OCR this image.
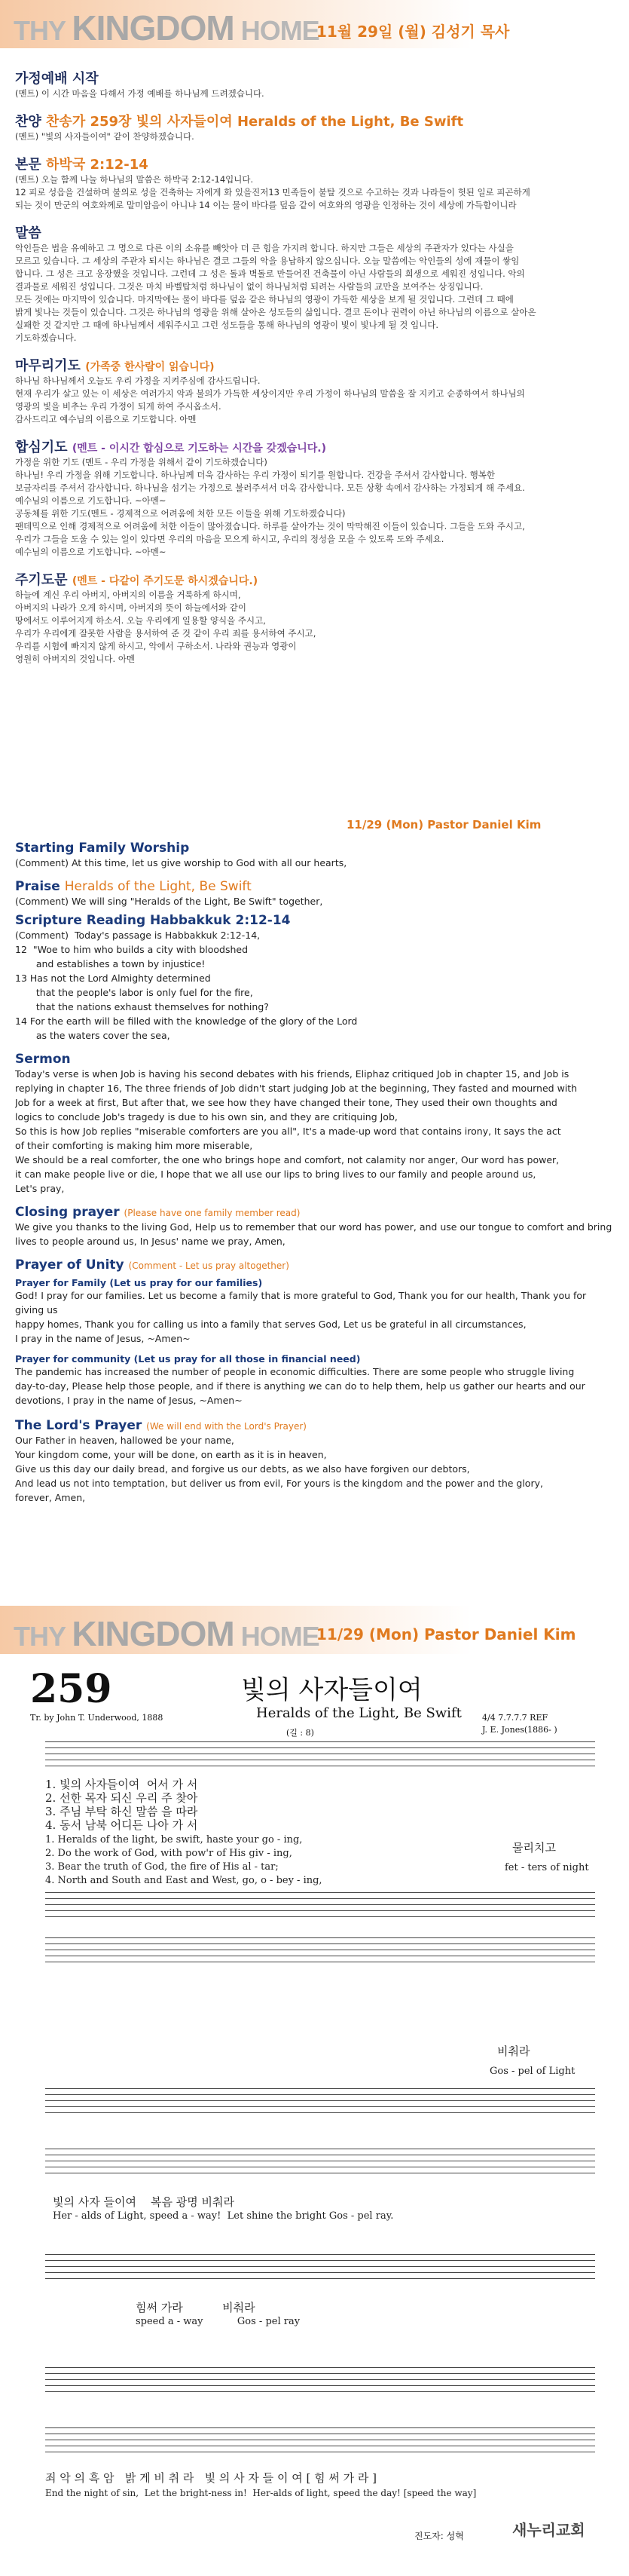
THY KINGDOM HOME
11월 29일 (월) 김성기 목사

가정예배 시작

(멘트) 이 시간 마음을 다해서 가정 예배를 하나님께 드려겠습니다.

찬양 찬송가 259장 빛의 사자들이여 Heralds of the Light, Be Swift

(멘트) "빛의 사자들이여" 같이 찬양하겠습니다.

본문 하박국 2:12-14

(멘트) 오늘 함께 나눌 하나님의 말씀은 하박국 2:12-14입니다.

12 피로 성읍을 건설하며 불의로 성을 건축하는 자에게 화 있을진저13 민족들이 불탈 것으로 수고하는 것과 나라들이 헛된 일로 피곤하게

되는 것이 만군의 여호와께로 말미암음이 아니냐 14 이는 물이 바다를 덮음 같이 여호와의 영광을 인정하는 것이 세상에 가득함이니라

말씀

악인들은 법을 유예하고 그 명으로 다른 이의 소유를 빼앗아 더 큰 힘을 가지려 합니다. 하지만 그들은 세상의 주관자가 있다는 사실을

모르고 있습니다. 그 세상의 주관자 되시는 하나님은 결코 그들의 악을 용납하지 않으십니다. 오늘 말씀에는 악인들의 성에 재물이 쌓임

합니다. 그 성은 크고 웅장했을 것입니다. 그런데 그 성은 돌과 벽돌로 만들어진 건축물이 아닌 사람들의 희생으로 세워진 성입니다. 악의

결과물로 세워진 성입니다. 그것은 마치 바벨탑처럼 하나님이 없이 하나님처럼 되려는 사람들의 교만을 보여주는 상징입니다.

모든 것에는 마지막이 있습니다. 마지막에는 물이 바다를 덮음 같은 하나님의 영광이 가득한 세상을 보게 될 것입니다. 그런데 그 때에

밝게 빛나는 것들이 있습니다. 그것은 하나님의 영광을 위해 살아온 성도들의 삶입니다. 결코 돈이나 권력이 아닌 하나님의 이름으로 살아온

실패한 것 같지만 그 때에 하나님께서 세워주시고 그런 성도들을 통해 하나님의 영광이 빛이 빛나게 될 것 입니다.

기도하겠습니다.

마무리기도 (가족중 한사람이 읽습니다)

하나님 하나님께서 오늘도 우리 가정을 지켜주심에 감사드립니다.

현재 우리가 살고 있는 이 세상은 여러가지 악과 불의가 가득한 세상이지만 우리 가정이 하나님의 말씀을 잘 지키고 순종하여서 하나님의

영광의 빛을 비추는 우리 가정이 되게 하여 주시옵소서.

감사드리고 예수님의 이름으로 기도합니다. 아멘

합심기도 (멘트 - 이시간 합심으로 기도하는 시간을 갖겠습니다.)

가정을 위한 기도 (멘트 - 우리 가정을 위해서 같이 기도하겠습니다)

하나님! 우리 가정을 위해 기도합니다. 하나님께 더욱 감사하는 우리 가정이 되기를 원합니다. 건강을 주셔서 감사합니다. 행복한

보금자리를 주셔서 감사합니다. 하나님을 섬기는 가정으로 불러주셔서 더욱 감사합니다. 모든 상황 속에서 감사하는 가정되게 해 주세요.

예수님의 이름으로 기도합니다. ~아멘~

공동체를 위한 기도(멘트 - 경제적으로 어려움에 처한 모든 이들을 위해 기도하겠습니다)

팬데믹으로 인해 경제적으로 어려움에 처한 이들이 많아졌습니다. 하루를 살아가는 것이 막막해진 이들이 있습니다. 그들을 도와 주시고,

우리가 그들을 도울 수 있는 일이 있다면 우리의 마음을 모으게 하시고, 우리의 정성을 모을 수 있도록 도와 주세요.

예수님의 이름으로 기도합니다. ~아멘~

주기도문 (멘트 - 다같이 주기도문 하시겠습니다.)

하늘에 계신 우리 아버지, 아버지의 이름을 거룩하게 하시며,

아버지의 나라가 오게 하시며, 아버지의 뜻이 하늘에서와 같이

땅에서도 이루어지게 하소서. 오늘 우리에게 일용할 양식을 주시고,

우리가 우리에게 잘못한 사람을 용서하여 준 것 같이 우리 죄를 용서하여 주시고,

우리를 시험에 빠지지 않게 하시고, 악에서 구하소서. 나라와 권능과 영광이

영원히 아버지의 것입니다. 아멘

11/29 (Mon) Pastor Daniel Kim

Starting Family Worship

(Comment) At this time, let us give worship to God with all our hearts,

Praise Heralds of the Light, Be Swift

(Comment) We will sing "Heralds of the Light, Be Swift" together,

Scripture Reading Habbakkuk 2:12-14

(Comment)  Today's passage is Habbakkuk 2:12-14,

12  "Woe to him who builds a city with bloodshed

and establishes a town by injustice!

13 Has not the Lord Almighty determined

that the people's labor is only fuel for the fire,

that the nations exhaust themselves for nothing?

14 For the earth will be filled with the knowledge of the glory of the Lord

as the waters cover the sea,

Sermon

Today's verse is when Job is having his second debates with his friends, Eliphaz critiqued Job in chapter 15, and Job is

replying in chapter 16, The three friends of Job didn't start judging Job at the beginning, They fasted and mourned with

Job for a week at first, But after that, we see how they have changed their tone, They used their own thoughts and

logics to conclude Job's tragedy is due to his own sin, and they are critiquing Job,

So this is how Job replies "miserable comforters are you all", It's a made-up word that contains irony, It says the act

of their comforting is making him more miserable,

We should be a real comforter, the one who brings hope and comfort, not calamity nor anger, Our word has power,

it can make people live or die, I hope that we all use our lips to bring lives to our family and people around us,

Let's pray,

Closing prayer (Please have one family member read)

We give you thanks to the living God, Help us to remember that our word has power, and use our tongue to comfort and bring

lives to people around us, In Jesus' name we pray, Amen,

Prayer of Unity (Comment - Let us pray altogether)

Prayer for Family (Let us pray for our families)

God! I pray for our families. Let us become a family that is more grateful to God, Thank you for our health, Thank you for giving us

happy homes, Thank you for calling us into a family that serves God, Let us be grateful in all circumstances,

I pray in the name of Jesus, ~Amen~

Prayer for community (Let us pray for all those in financial need)

The pandemic has increased the number of people in economic difficulties. There are some people who struggle living

day-to-day, Please help those people, and if there is anything we can do to help them, help us gather our hearts and our

devotions, I pray in the name of Jesus, ~Amen~

The Lord's Prayer (We will end with the Lord's Prayer)

Our Father in heaven, hallowed be your name,

Your kingdom come, your will be done, on earth as it is in heaven,

Give us this day our daily bread, and forgive us our debts, as we also have forgiven our debtors,

And lead us not into temptation, but deliver us from evil, For yours is the kingdom and the power and the glory,

forever, Amen,

THY KINGDOM HOME
11/29 (Mon) Pastor Daniel Kim
259	빛의 사자들이여
Heralds of the Light, Be Swift
Tr. by John T. Underwood, 1888
(길 : 8)
4/4 7.7.7.7 REF
J. E. Jones(1886- )
1. 빛의 사자들이여  어서 가 서
2. 선한 목자 되신 우리 주 찾아
3. 주님 부탁 하신 말씀 을 따라
4. 동서 남북 어디든 나아 가 서
1. Heralds of the light, be swift, haste your go - ing,
2. Do the work of God, with pow'r of His giv - ing,
3. Bear the truth of God, the fire of His al - tar;
4. North and South and East and West, go, o - bey - ing,
물리치고
fet - ters of night
비춰라
Gos - pel of Light
빛의 사자 들이여    복음 광명 비춰라
Her - alds of Light, speed a - way!  Let shine the bright Gos - pel ray.
힘써 가라           비춰라
speed a - way           Gos - pel ray
죄 악 의 흑 암   밝 게 비 취 라   빛 의 사 자 들 이 여 [ 힘 써 가 라 ]
End the night of sin,  Let the bright-ness in!  Her-alds of light, speed the day! [speed the way]
진도자: 성혁	새누리교회
